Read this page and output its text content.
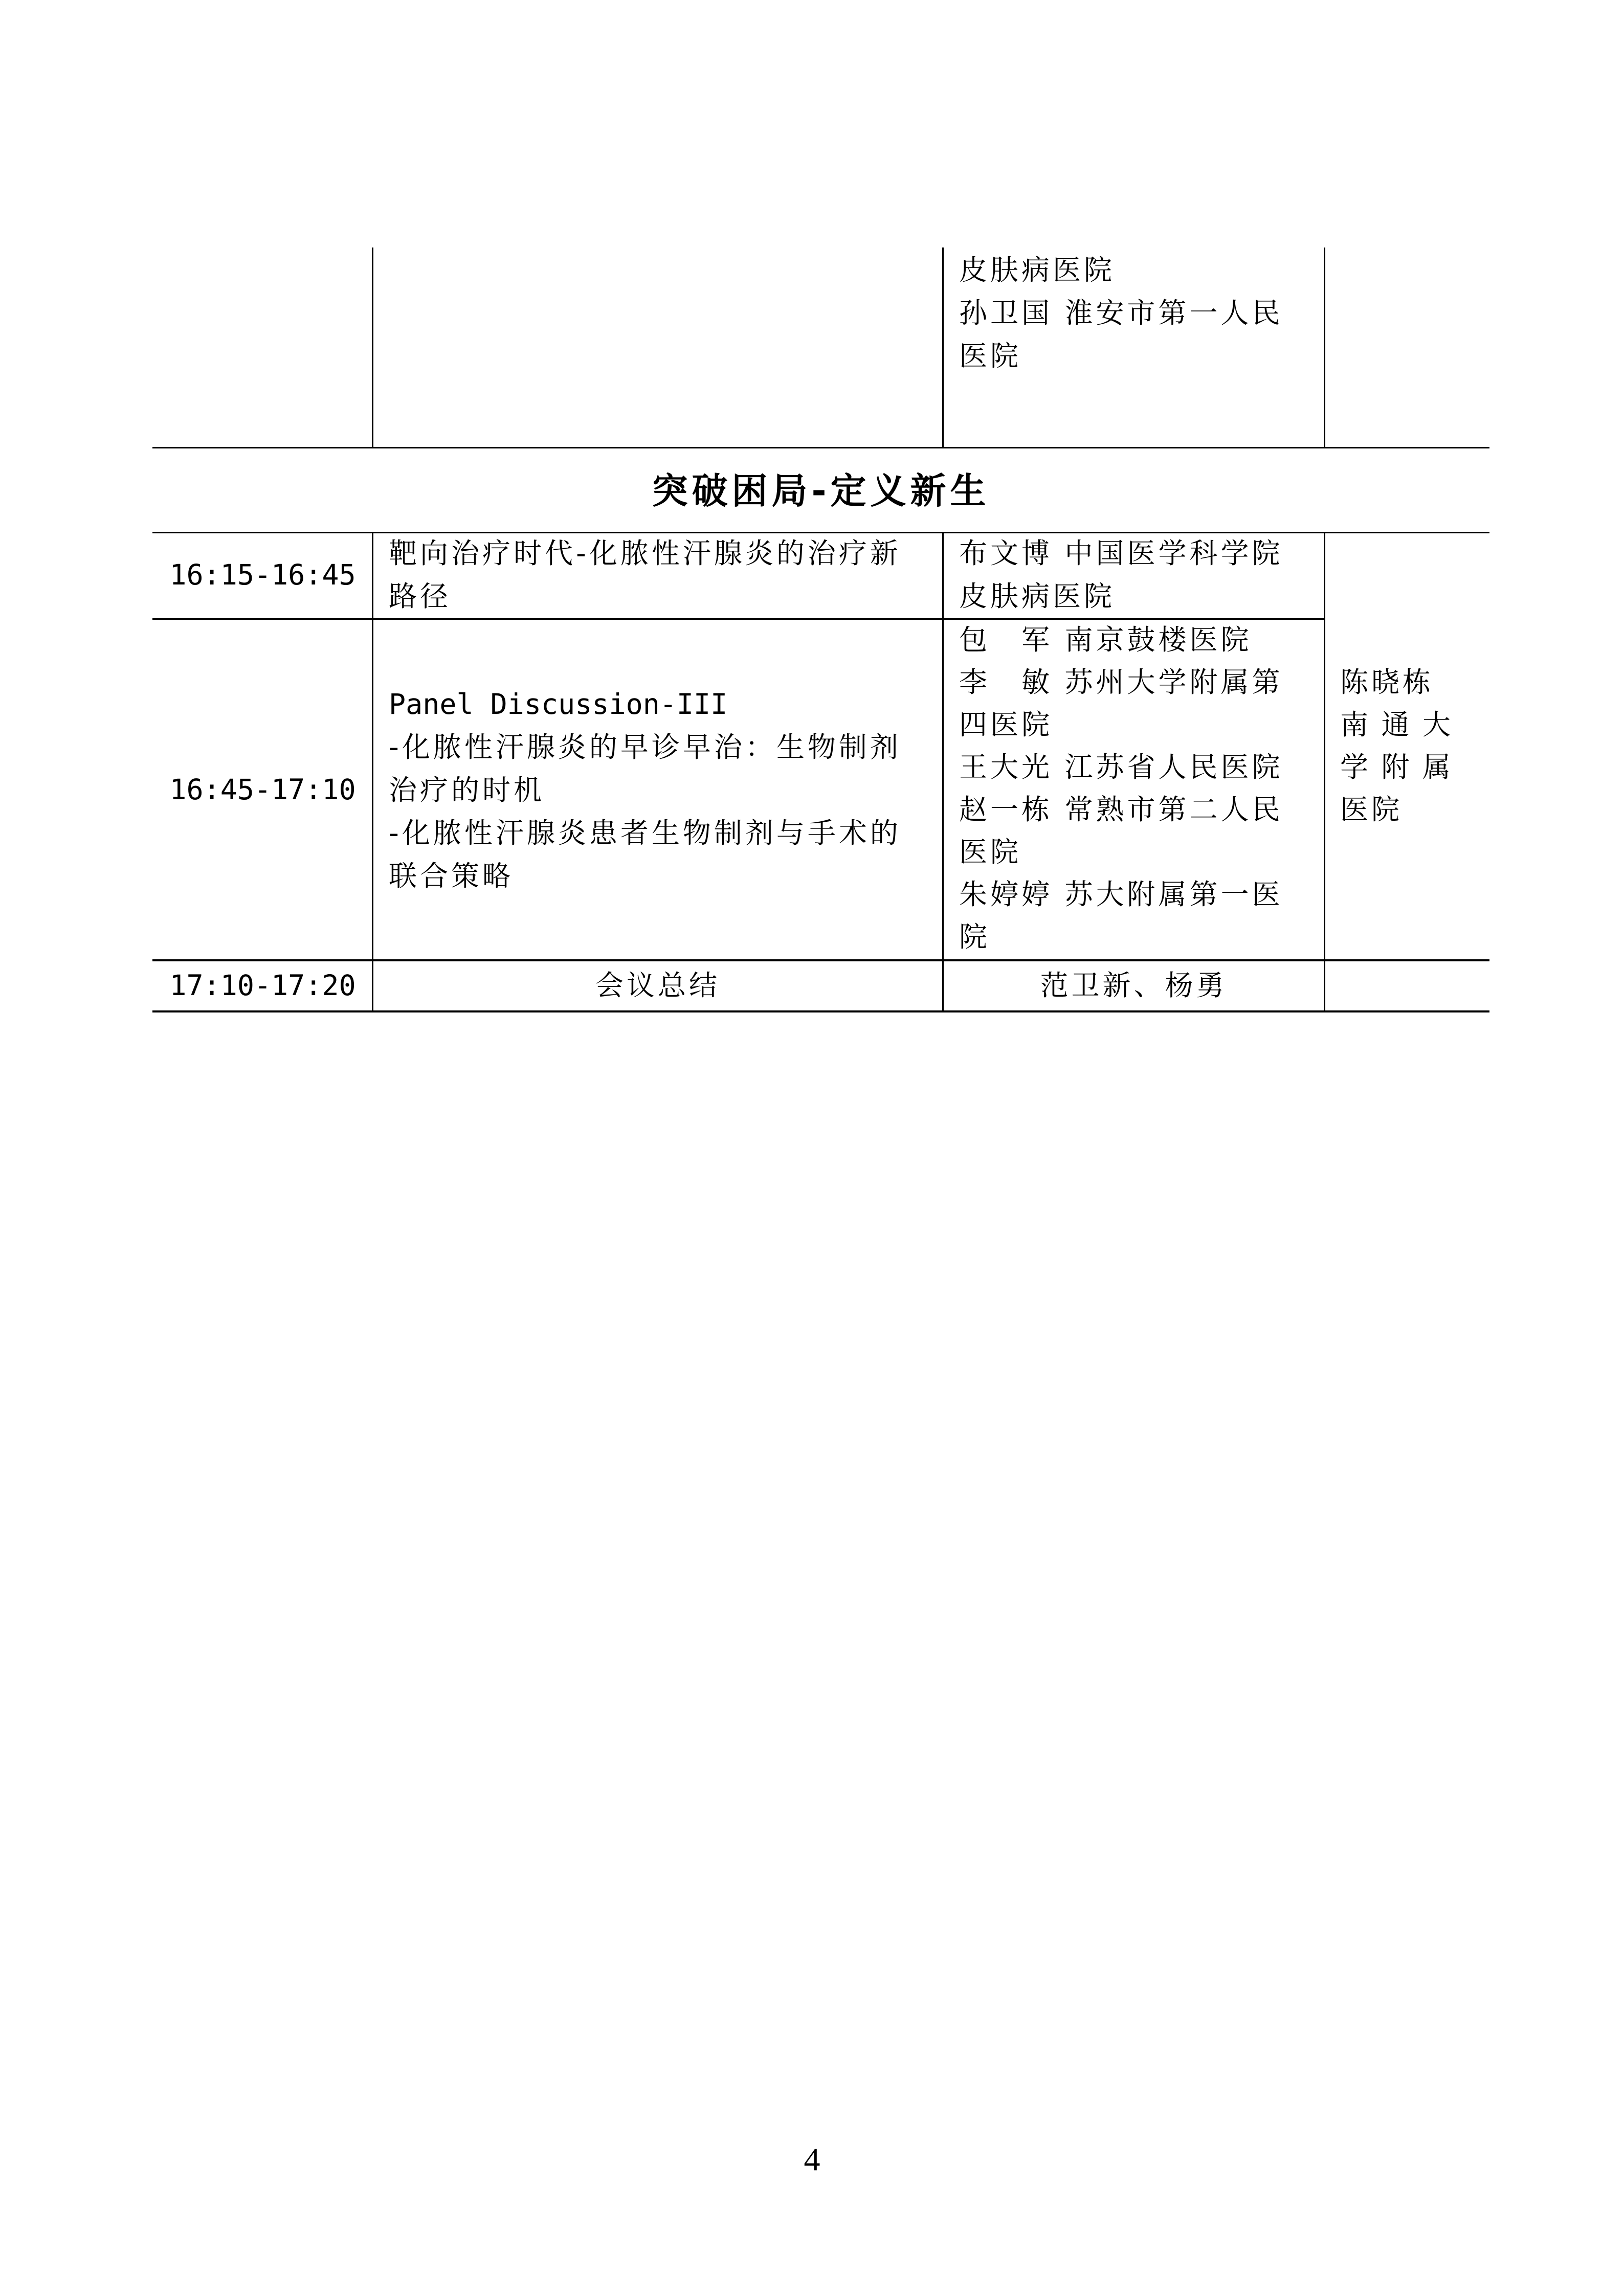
皮肤病医院
孙卫国 淮安市第一人民
医院
突破困局-定义新生
16:15-16:45
靶向治疗时代-化脓性汗腺炎的治疗新
路径
布文博 中国医学科学院
皮肤病医院
16:45-17:10
Panel Discussion-III
-化脓性汗腺炎的早诊早治：生物制剂
治疗的时机
-化脓性汗腺炎患者生物制剂与手术的
联合策略
包　军 南京鼓楼医院
李　敏 苏州大学附属第
四医院
王大光 江苏省人民医院
赵一栋 常熟市第二人民
医院
朱婷婷 苏大附属第一医
院
陈晓栋
南 通 大
学 附 属
医院
17:10-17:20	会议总结	范卫新、杨勇
4
